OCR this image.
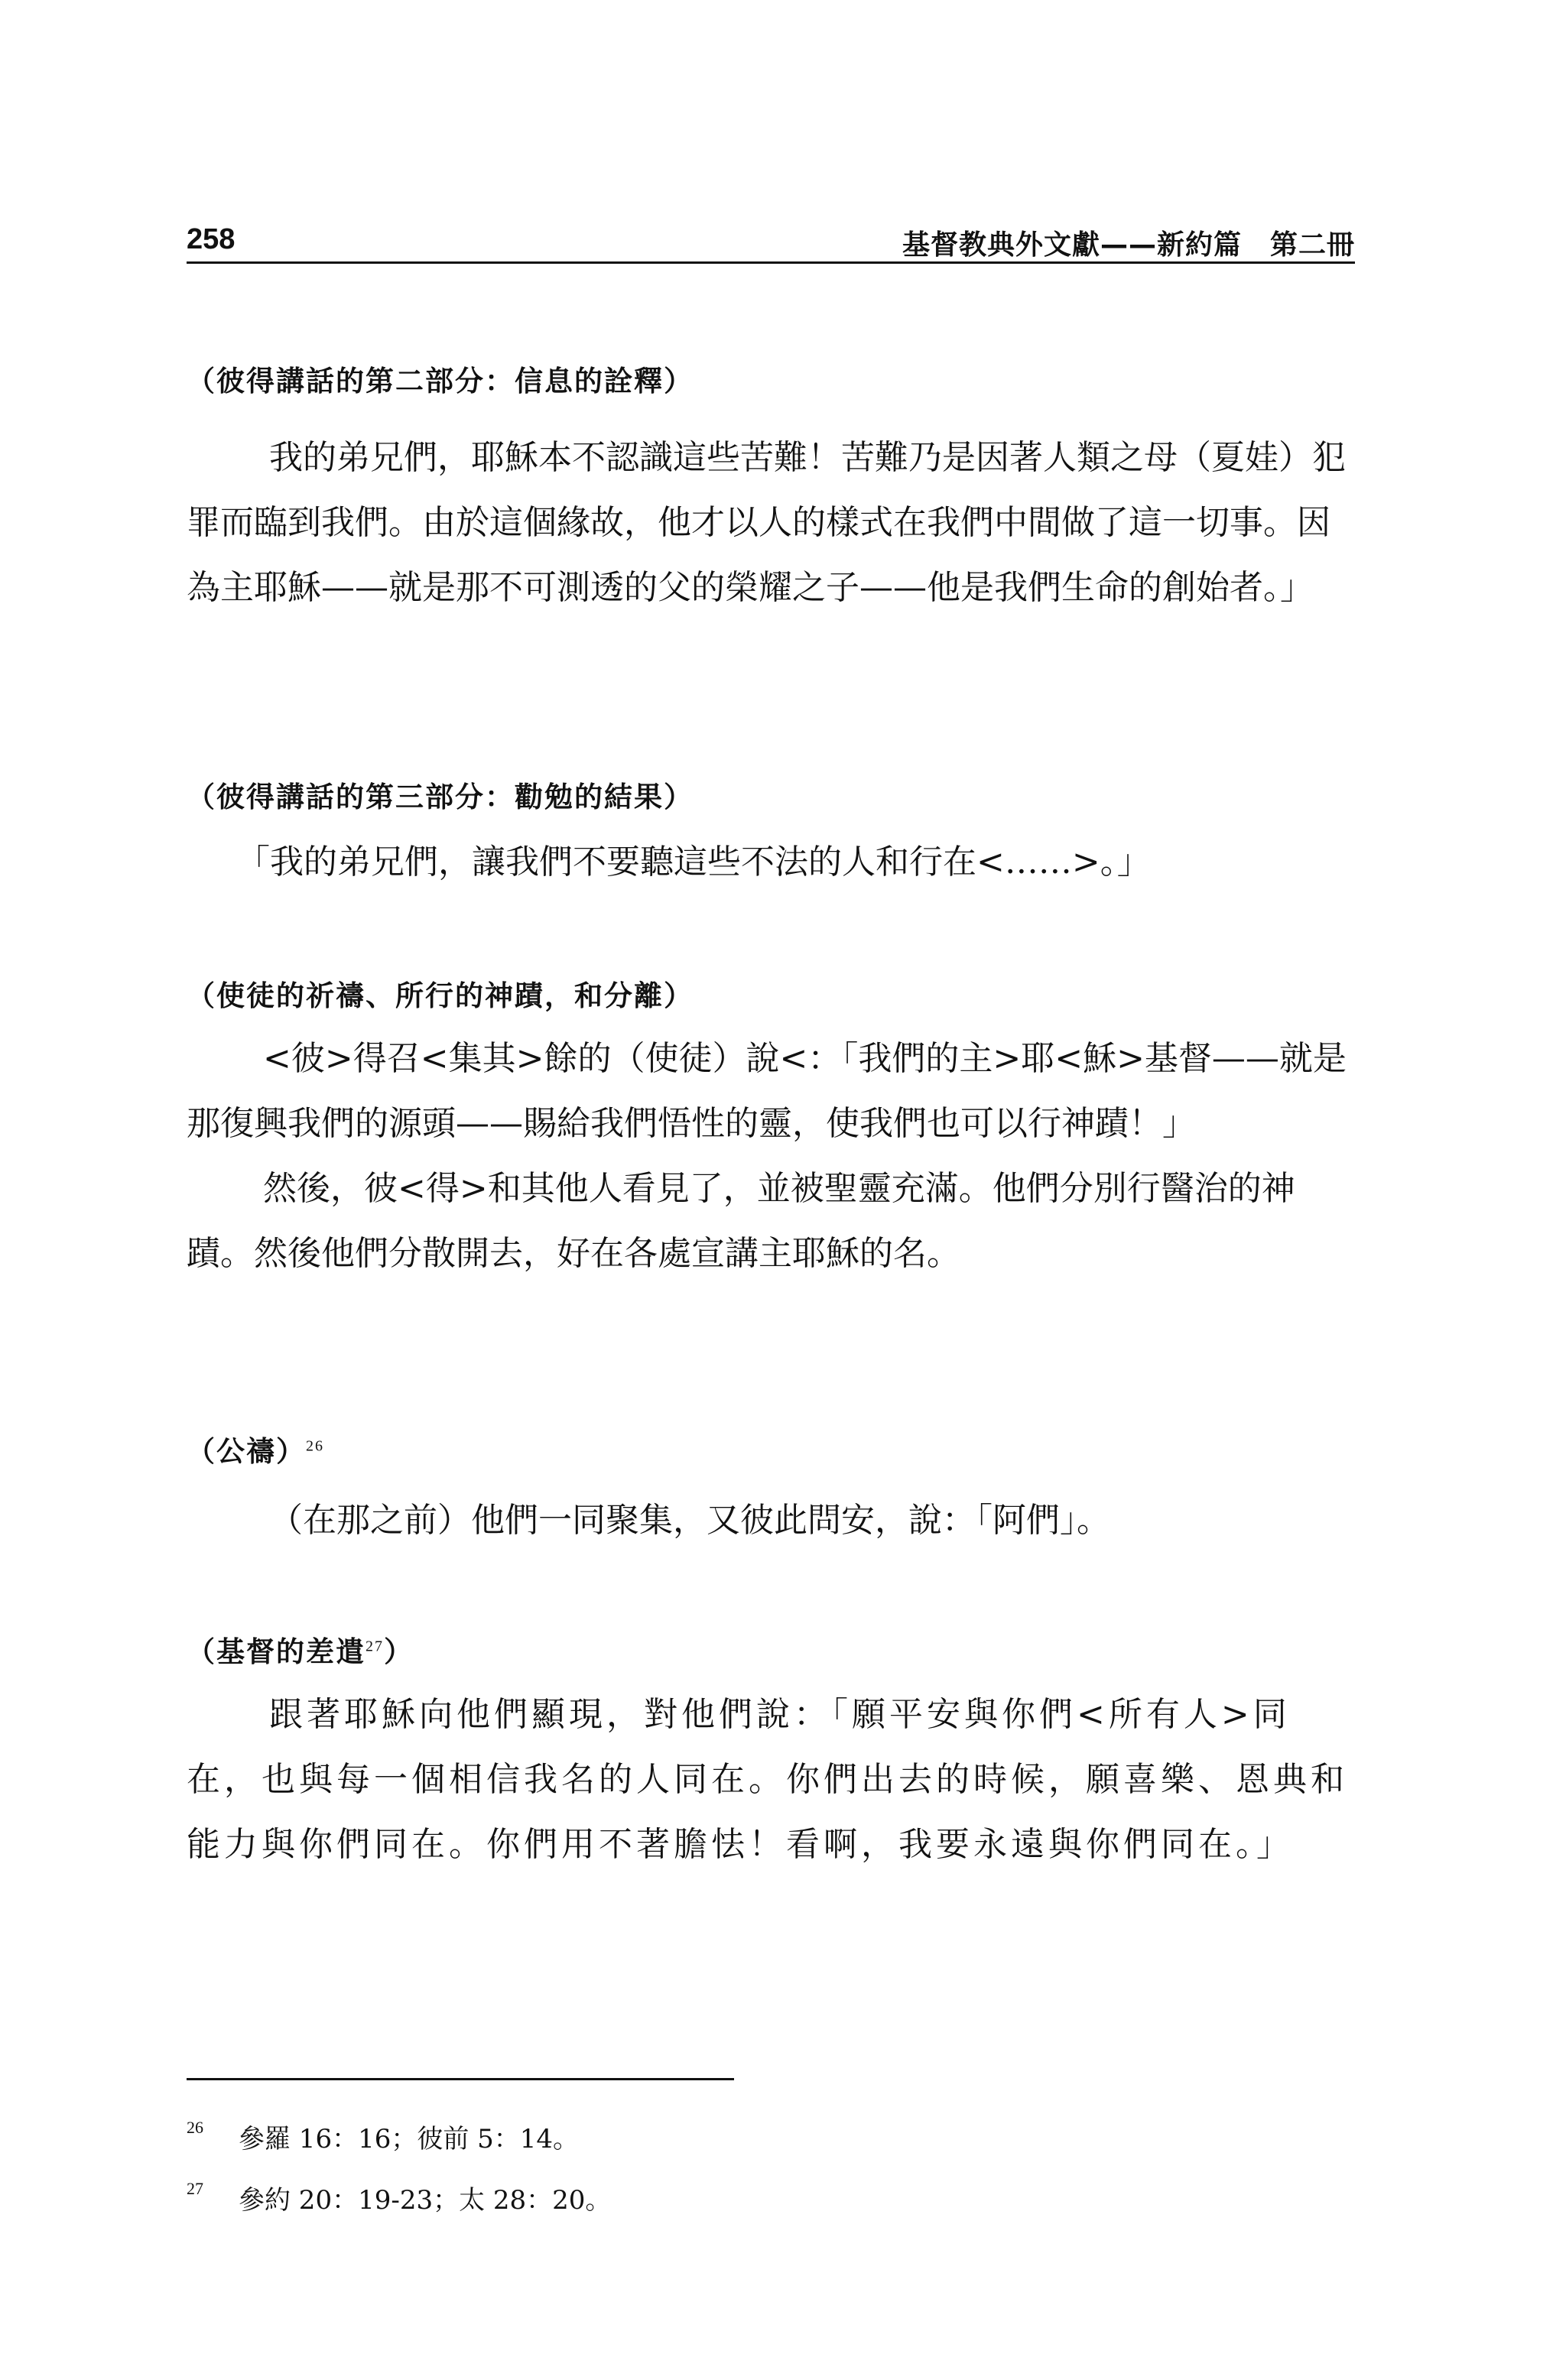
258	基督教典外文獻——新約篇　第二冊
（彼得講話的第二部分：信息的詮釋）

我的弟兄們，耶穌本不認識這些苦難！苦難乃是因著人類之母（夏娃）犯罪而臨到我們。由於這個緣故，他才以人的樣式在我們中間做了這一切事。因為主耶穌——就是那不可測透的父的榮耀之子——他是我們生命的創始者。」

（彼得講話的第三部分：勸勉的結果）

「我的弟兄們，讓我們不要聽這些不法的人和行在<……>。」

（使徒的祈禱、所行的神蹟，和分離）

<彼>得召<集其>餘的（使徒）說<：「我們的主>耶<穌>基督——就是那復興我們的源頭——賜給我們悟性的靈，使我們也可以行神蹟！」

然後，彼<得>和其他人看見了，並被聖靈充滿。他們分別行醫治的神蹟。然後他們分散開去，好在各處宣講主耶穌的名。

（公禱）$^{26}$

（在那之前）他們一同聚集，又彼此問安，說：「阿們」。

（基督的差遣$^{27}$）

跟著耶穌向他們顯現，對他們說：「願平安與你們<所有人>同在，也與每一個相信我名的人同在。你們出去的時候，願喜樂、恩典和能力與你們同在。你們用不著膽怯！看啊，我要永遠與你們同在。」

26 參羅 16：16；彼前 5：14。
27 參約 20：19-23；太 28：20。
